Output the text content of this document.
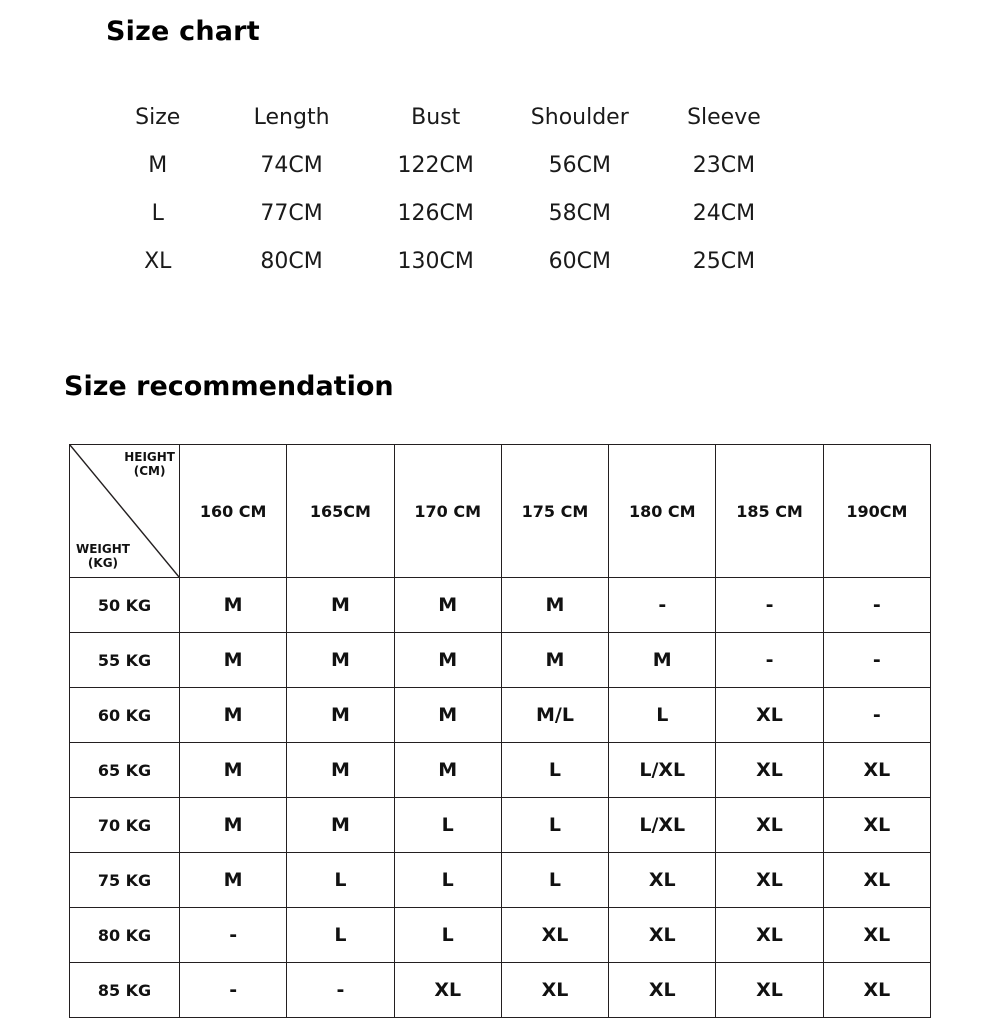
Size chart
Size	Length	Bust	Shoulder	Sleeve
M	74CM	122CM	56CM	23CM
L	77CM	126CM	58CM	24CM
XL	80CM	130CM	60CM	25CM
Size recommendation
HEIGHT
(CM)
WEIGHT
(KG)	160 CM	165CM	170 CM	175 CM	180 CM	185 CM	190CM
50 KG	M	M	M	M	-	-	-
55 KG	M	M	M	M	M	-	-
60 KG	M	M	M	M/L	L	XL	-
65 KG	M	M	M	L	L/XL	XL	XL
70 KG	M	M	L	L	L/XL	XL	XL
75 KG	M	L	L	L	XL	XL	XL
80 KG	-	L	L	XL	XL	XL	XL
85 KG	-	-	XL	XL	XL	XL	XL
